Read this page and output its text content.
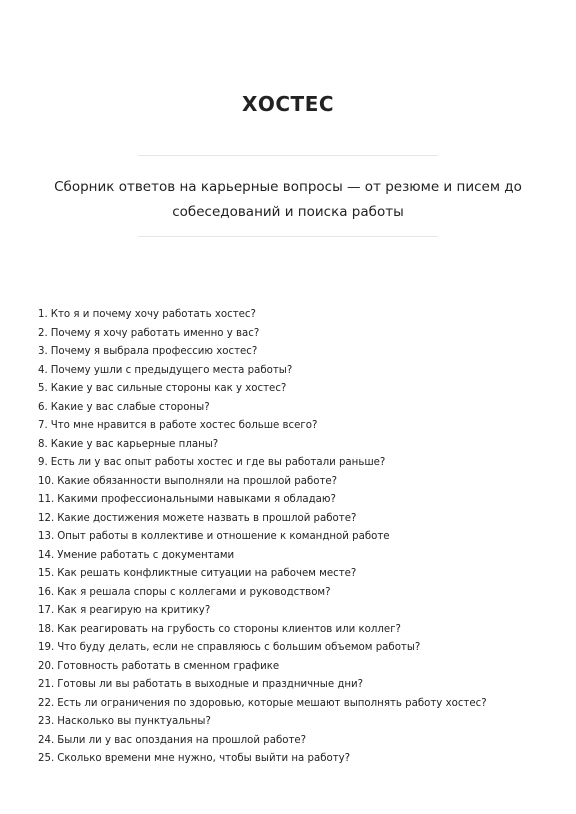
ХОСТЕС
Сборник ответов на карьерные вопросы — от резюме и писем до собеседований и поиска работы
1. Кто я и почему хочу работать хостес?
2. Почему я хочу работать именно у вас?
3. Почему я выбрала профессию хостес?
4. Почему ушли с предыдущего места работы?
5. Какие у вас сильные стороны как у хостес?
6. Какие у вас слабые стороны?
7. Что мне нравится в работе хостес больше всего?
8. Какие у вас карьерные планы?
9. Есть ли у вас опыт работы хостес и где вы работали раньше?
10. Какие обязанности выполняли на прошлой работе?
11. Какими профессиональными навыками я обладаю?
12. Какие достижения можете назвать в прошлой работе?
13. Опыт работы в коллективе и отношение к командной работе
14. Умение работать с документами
15. Как решать конфликтные ситуации на рабочем месте?
16. Как я решала споры с коллегами и руководством?
17. Как я реагирую на критику?
18. Как реагировать на грубость со стороны клиентов или коллег?
19. Что буду делать, если не справляюсь с большим объемом работы?
20. Готовность работать в сменном графике
21. Готовы ли вы работать в выходные и праздничные дни?
22. Есть ли ограничения по здоровью, которые мешают выполнять работу хостес?
23. Насколько вы пунктуальны?
24. Были ли у вас опоздания на прошлой работе?
25. Сколько времени мне нужно, чтобы выйти на работу?
